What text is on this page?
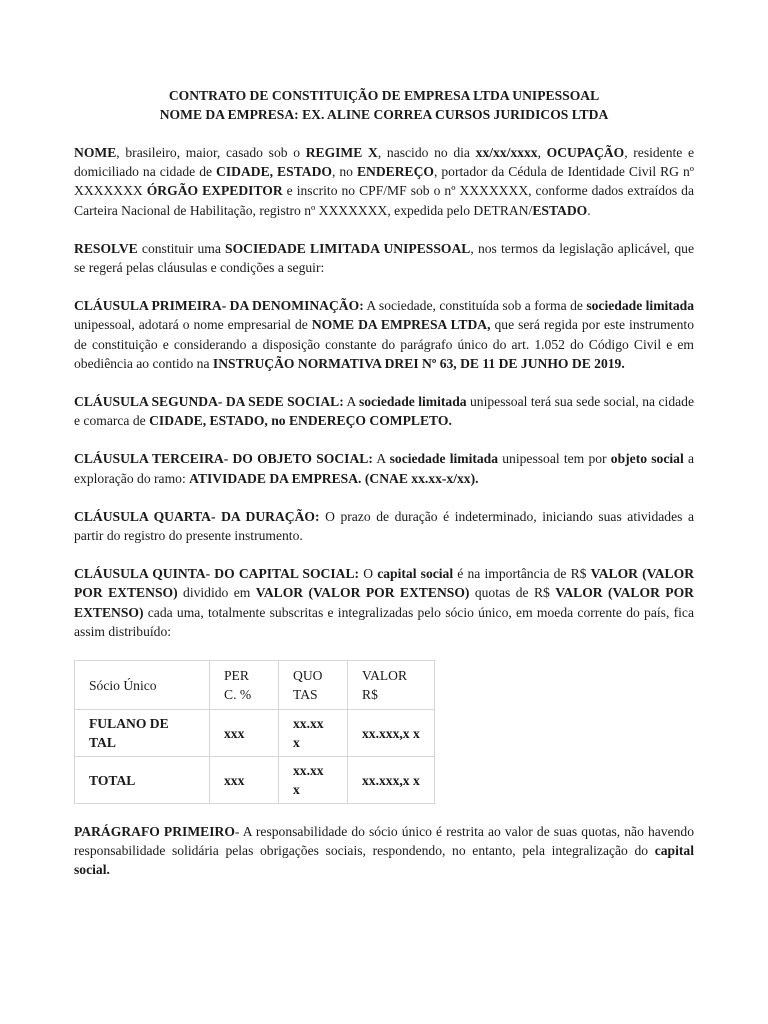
CONTRATO DE CONSTITUIÇÃO DE EMPRESA LTDA UNIPESSOAL
NOME DA EMPRESA: EX. ALINE CORREA CURSOS JURIDICOS LTDA

NOME, brasileiro, maior, casado sob o REGIME X, nascido no dia xx/xx/xxxx, OCUPAÇÃO, residente e domiciliado na cidade de CIDADE, ESTADO, no ENDEREÇO, portador da Cédula de Identidade Civil RG nº XXXXXXX ÓRGÃO EXPEDITOR e inscrito no CPF/MF sob o nº XXXXXXX, conforme dados extraídos da Carteira Nacional de Habilitação, registro nº XXXXXXX, expedida pelo DETRAN/ESTADO.

RESOLVE constituir uma SOCIEDADE LIMITADA UNIPESSOAL, nos termos da legislação aplicável, que se regerá pelas cláusulas e condições a seguir:

CLÁUSULA PRIMEIRA- DA DENOMINAÇÃO: A sociedade, constituída sob a forma de sociedade limitada unipessoal, adotará o nome empresarial de NOME DA EMPRESA LTDA, que será regida por este instrumento de constituição e considerando a disposição constante do parágrafo único do art. 1.052 do Código Civil e em obediência ao contido na INSTRUÇÃO NORMATIVA DREI Nº 63, DE 11 DE JUNHO DE 2019.

CLÁUSULA SEGUNDA- DA SEDE SOCIAL: A sociedade limitada unipessoal terá sua sede social, na cidade e comarca de CIDADE, ESTADO, no ENDEREÇO COMPLETO.

CLÁUSULA TERCEIRA- DO OBJETO SOCIAL: A sociedade limitada unipessoal tem por objeto social a exploração do ramo: ATIVIDADE DA EMPRESA. (CNAE xx.xx-x/xx).

CLÁUSULA QUARTA- DA DURAÇÃO: O prazo de duração é indeterminado, iniciando suas atividades a partir do registro do presente instrumento.

CLÁUSULA QUINTA- DO CAPITAL SOCIAL: O capital social é na importância de R$ VALOR (VALOR POR EXTENSO) dividido em VALOR (VALOR POR EXTENSO) quotas de R$ VALOR (VALOR POR EXTENSO) cada uma, totalmente subscritas e integralizadas pelo sócio único, em moeda corrente do país, fica assim distribuído:

Sócio Único	PER C. %	QUO TAS	VALOR R$
FULANO DE TAL	xxx	xx.xx x	xx.xxx,x x
TOTAL	xxx	xx.xx x	xx.xxx,x x

PARÁGRAFO PRIMEIRO- A responsabilidade do sócio único é restrita ao valor de suas quotas, não havendo responsabilidade solidária pelas obrigações sociais, respondendo, no entanto, pela integralização do capital social.
